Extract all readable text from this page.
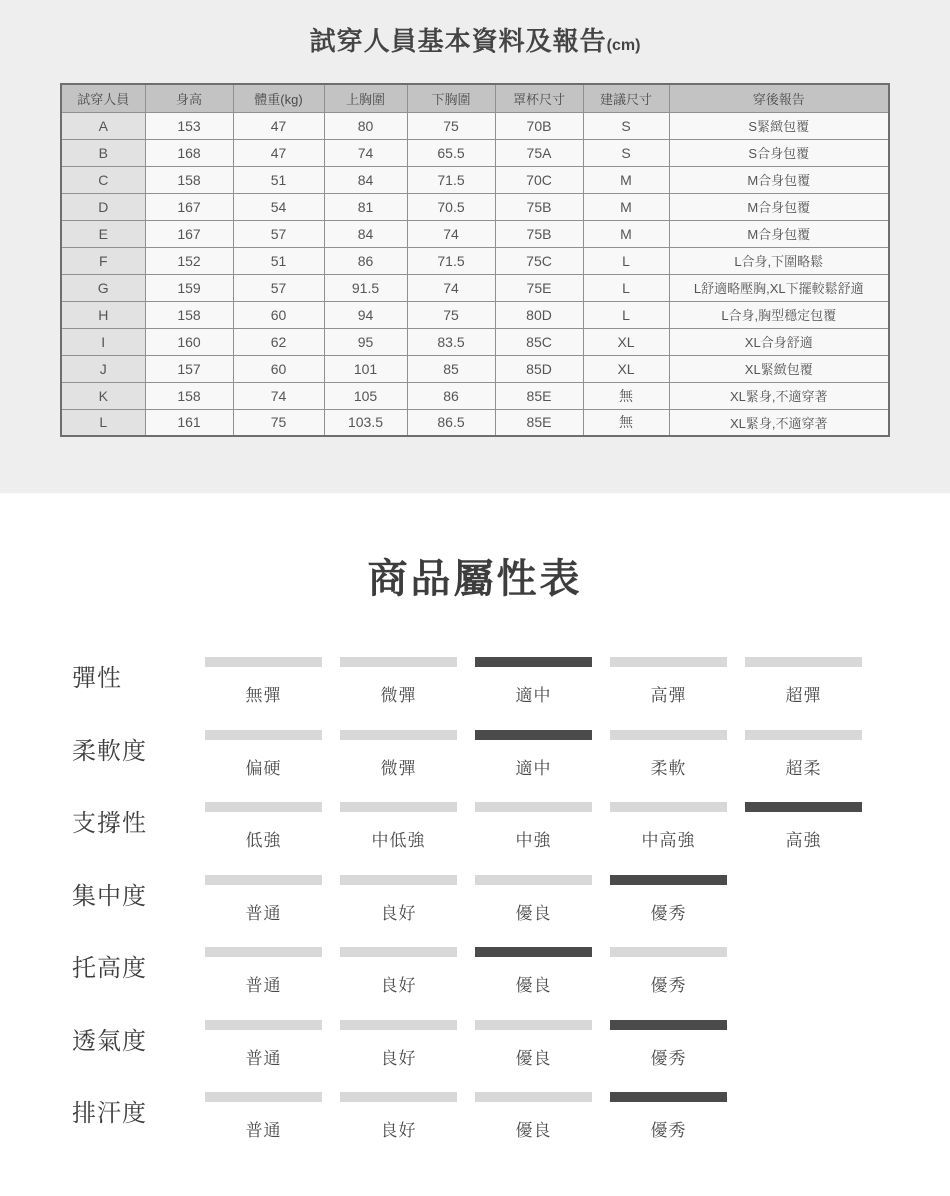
試穿人員基本資料及報告(cm)
試穿人員	身高	體重(kg)	上胸圍	下胸圍	罩杯尺寸	建議尺寸	穿後報告
A	153	47	80	75	70B	S	S緊緻包覆
B	168	47	74	65.5	75A	S	S合身包覆
C	158	51	84	71.5	70C	M	M合身包覆
D	167	54	81	70.5	75B	M	M合身包覆
E	167	57	84	74	75B	M	M合身包覆
F	152	51	86	71.5	75C	L	L合身,下圍略鬆
G	159	57	91.5	74	75E	L	L舒適略壓胸,XL下擺較鬆舒適
H	158	60	94	75	80D	L	L合身,胸型穩定包覆
I	160	62	95	83.5	85C	XL	XL合身舒適
J	157	60	101	85	85D	XL	XL緊緻包覆
K	158	74	105	86	85E	無	XL緊身,不適穿著
L	161	75	103.5	86.5	85E	無	XL緊身,不適穿著
商品屬性表
彈性
無彈	微彈	適中	高彈	超彈
柔軟度
偏硬	微彈	適中	柔軟	超柔
支撐性
低強	中低強	中強	中高強	高強
集中度
普通	良好	優良	優秀
托高度
普通	良好	優良	優秀
透氣度
普通	良好	優良	優秀
排汗度
普通	良好	優良	優秀
